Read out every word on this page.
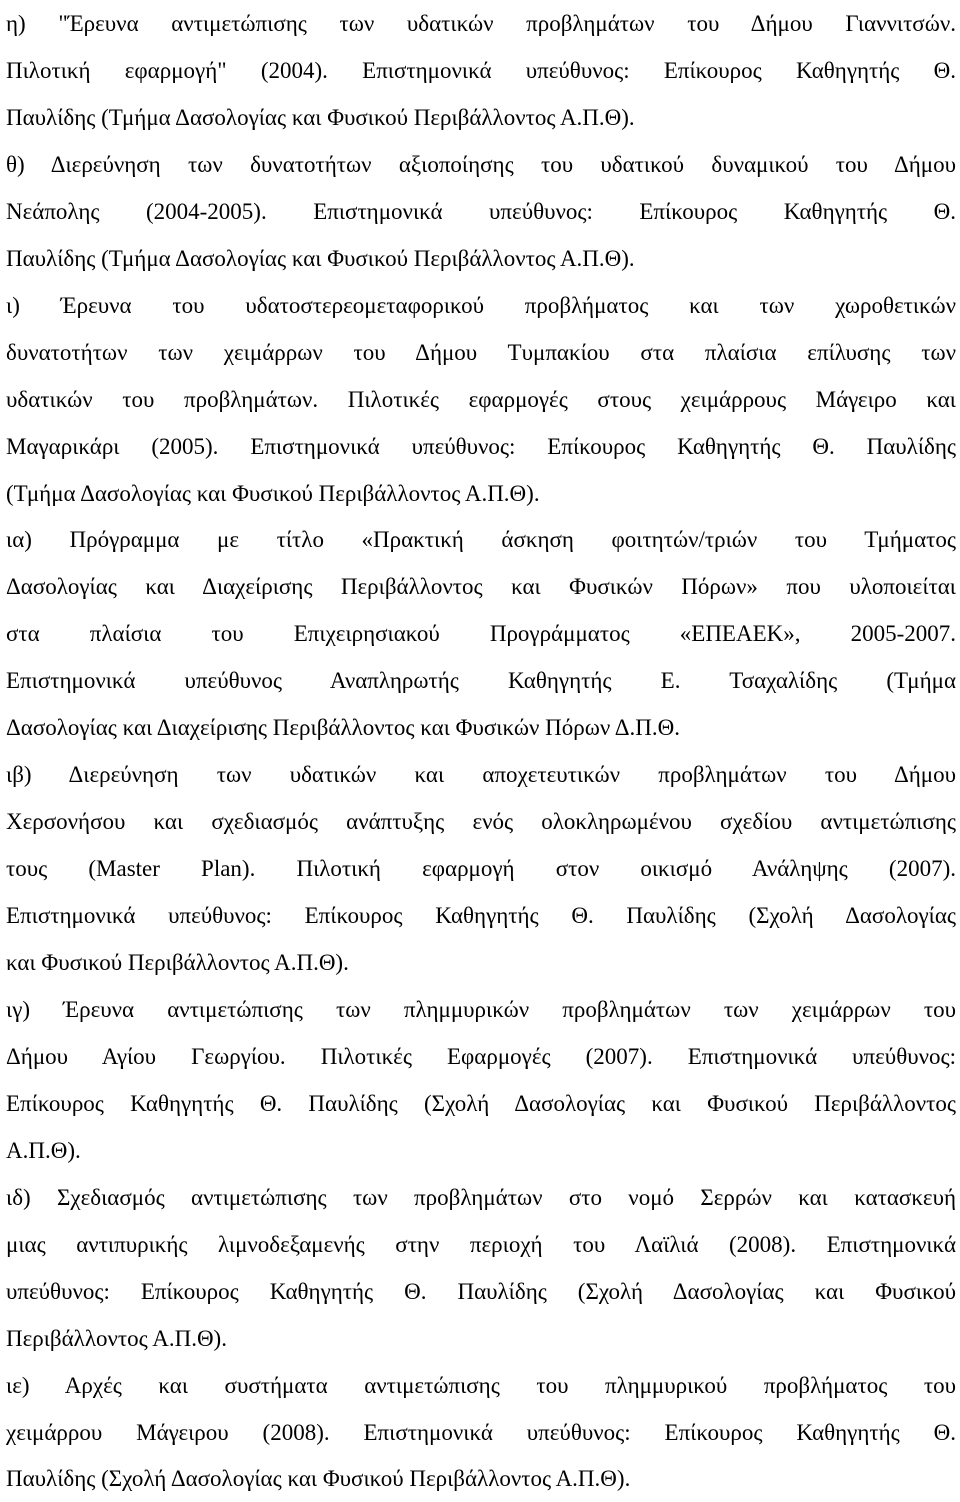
η) "Έρευνα αντιμετώπισης των υδατικών προβλημάτων του Δήμου Γιαννιτσών.
Πιλοτική εφαρμογή" (2004). Επιστημονικά υπεύθυνος: Επίκουρος Καθηγητής Θ.
Παυλίδης (Τμήμα Δασολογίας και Φυσικού Περιβάλλοντος Α.Π.Θ).
θ) Διερεύνηση των δυνατοτήτων αξιοποίησης του υδατικού δυναμικού του Δήμου
Νεάπολης (2004-2005). Επιστημονικά υπεύθυνος: Επίκουρος Καθηγητής Θ.
Παυλίδης (Τμήμα Δασολογίας και Φυσικού Περιβάλλοντος Α.Π.Θ).
ι) Έρευνα του υδατοστερεομεταφορικού προβλήματος και των χωροθετικών
δυνατοτήτων των χειμάρρων του Δήμου Τυμπακίου στα πλαίσια επίλυσης των
υδατικών του προβλημάτων. Πιλοτικές εφαρμογές στους χειμάρρους Μάγειρο και
Μαγαρικάρι (2005). Επιστημονικά υπεύθυνος: Επίκουρος Καθηγητής Θ. Παυλίδης
(Τμήμα Δασολογίας και Φυσικού Περιβάλλοντος Α.Π.Θ).
ια) Πρόγραμμα με τίτλο «Πρακτική άσκηση φοιτητών/τριών του Τμήματος
Δασολογίας και Διαχείρισης Περιβάλλοντος και Φυσικών Πόρων» που υλοποιείται
στα πλαίσια του Επιχειρησιακού Προγράμματος «ΕΠΕΑΕΚ», 2005-2007.
Επιστημονικά υπεύθυνος Αναπληρωτής Καθηγητής Ε. Τσαχαλίδης (Τμήμα
Δασολογίας και Διαχείρισης Περιβάλλοντος και Φυσικών Πόρων Δ.Π.Θ.
ιβ) Διερεύνηση των υδατικών και αποχετευτικών προβλημάτων του Δήμου
Χερσονήσου και σχεδιασμός ανάπτυξης ενός ολοκληρωμένου σχεδίου αντιμετώπισης
τους (Master Plan). Πιλοτική εφαρμογή στον οικισμό Ανάληψης (2007).
Επιστημονικά υπεύθυνος: Επίκουρος Καθηγητής Θ. Παυλίδης (Σχολή Δασολογίας
και Φυσικού Περιβάλλοντος Α.Π.Θ).
ιγ) Έρευνα αντιμετώπισης των πλημμυρικών προβλημάτων των χειμάρρων του
Δήμου Αγίου Γεωργίου. Πιλοτικές Εφαρμογές (2007). Επιστημονικά υπεύθυνος:
Επίκουρος Καθηγητής Θ. Παυλίδης (Σχολή Δασολογίας και Φυσικού Περιβάλλοντος
Α.Π.Θ).
ιδ) Σχεδιασμός αντιμετώπισης των προβλημάτων στο νομό Σερρών και κατασκευή
μιας αντιπυρικής λιμνοδεξαμενής στην περιοχή του Λαϊλιά (2008). Επιστημονικά
υπεύθυνος: Επίκουρος Καθηγητής Θ. Παυλίδης (Σχολή Δασολογίας και Φυσικού
Περιβάλλοντος Α.Π.Θ).
ιε) Αρχές και συστήματα αντιμετώπισης του πλημμυρικού προβλήματος του
χειμάρρου Μάγειρου (2008). Επιστημονικά υπεύθυνος: Επίκουρος Καθηγητής Θ.
Παυλίδης (Σχολή Δασολογίας και Φυσικού Περιβάλλοντος Α.Π.Θ).
